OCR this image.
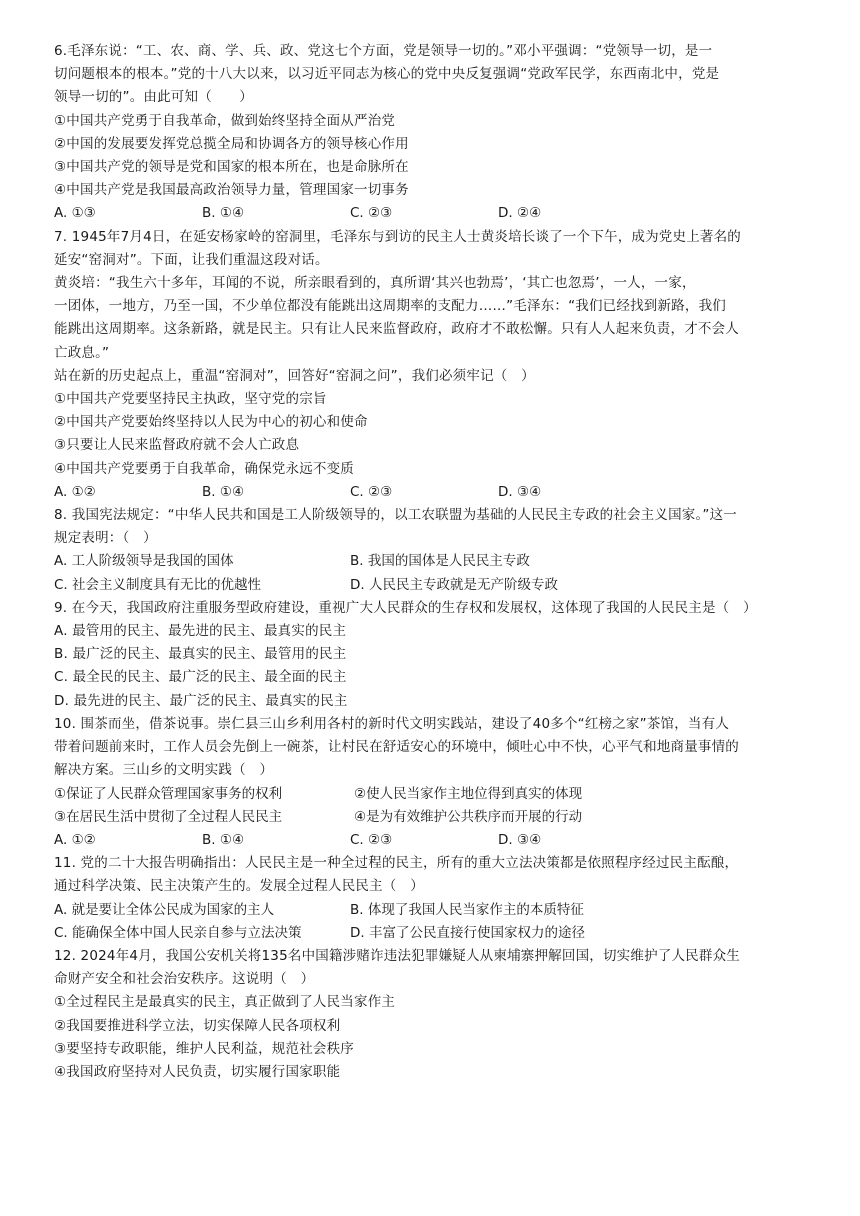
6.毛泽东说：“工、农、商、学、兵、政、党这七个方面，党是领导一切的。”邓小平强调：“党领导一切，是一
切问题根本的根本。”党的十八大以来，以习近平同志为核心的党中央反复强调“党政军民学，东西南北中，党是
领导一切的”。由此可知（　　）
①中国共产党勇于自我革命，做到始终坚持全面从严治党
②中国的发展要发挥党总揽全局和协调各方的领导核心作用
③中国共产党的领导是党和国家的根本所在，也是命脉所在
④中国共产党是我国最高政治领导力量，管理国家一切事务
A. ①③	B. ①④	C. ②③	D. ②④
7. 1945年7月4日，在延安杨家岭的窑洞里，毛泽东与到访的民主人士黄炎培长谈了一个下午，成为党史上著名的
延安“窑洞对”。下面，让我们重温这段对话。
黄炎培：“我生六十多年，耳闻的不说，所亲眼看到的，真所谓‘其兴也勃焉’，‘其亡也忽焉’，一人，一家，
一团体，一地方，乃至一国，不少单位都没有能跳出这周期率的支配力……”毛泽东：“我们已经找到新路，我们
能跳出这周期率。这条新路，就是民主。只有让人民来监督政府，政府才不敢松懈。只有人人起来负责，才不会人
亡政息。”
站在新的历史起点上，重温“窑洞对”，回答好“窑洞之问”，我们必须牢记（　）
①中国共产党要坚持民主执政，坚守党的宗旨
②中国共产党要始终坚持以人民为中心的初心和使命
③只要让人民来监督政府就不会人亡政息
④中国共产党要勇于自我革命，确保党永远不变质
A. ①②	B. ①④	C. ②③	D. ③④
8. 我国宪法规定：“中华人民共和国是工人阶级领导的，以工农联盟为基础的人民民主专政的社会主义国家。”这一
规定表明：（　）
A. 工人阶级领导是我国的国体	B. 我国的国体是人民民主专政
C. 社会主义制度具有无比的优越性	D. 人民民主专政就是无产阶级专政
9. 在今天，我国政府注重服务型政府建设，重视广大人民群众的生存权和发展权，这体现了我国的人民民主是（　）
A. 最管用的民主、最先进的民主、最真实的民主
B. 最广泛的民主、最真实的民主、最管用的民主
C. 最全民的民主、最广泛的民主、最全面的民主
D. 最先进的民主、最广泛的民主、最真实的民主
10. 围茶而坐，借茶说事。崇仁县三山乡利用各村的新时代文明实践站，建设了40多个“红榜之家”茶馆，当有人
带着问题前来时，工作人员会先倒上一碗茶，让村民在舒适安心的环境中，倾吐心中不快，心平气和地商量事情的
解决方案。三山乡的文明实践（　）
①保证了人民群众管理国家事务的权利	②使人民当家作主地位得到真实的体现
③在居民生活中贯彻了全过程人民民主	④是为有效维护公共秩序而开展的行动
A. ①②	B. ①④	C. ②③	D. ③④
11. 党的二十大报告明确指出：人民民主是一种全过程的民主，所有的重大立法决策都是依照程序经过民主酝酿，
通过科学决策、民主决策产生的。发展全过程人民民主（　）
A. 就是要让全体公民成为国家的主人	B. 体现了我国人民当家作主的本质特征
C. 能确保全体中国人民亲自参与立法决策	D. 丰富了公民直接行使国家权力的途径
12. 2024年4月，我国公安机关将135名中国籍涉赌诈违法犯罪嫌疑人从柬埔寨押解回国，切实维护了人民群众生
命财产安全和社会治安秩序。这说明（　）
①全过程民主是最真实的民主，真正做到了人民当家作主
②我国要推进科学立法，切实保障人民各项权利
③要坚持专政职能，维护人民利益，规范社会秩序
④我国政府坚持对人民负责，切实履行国家职能
